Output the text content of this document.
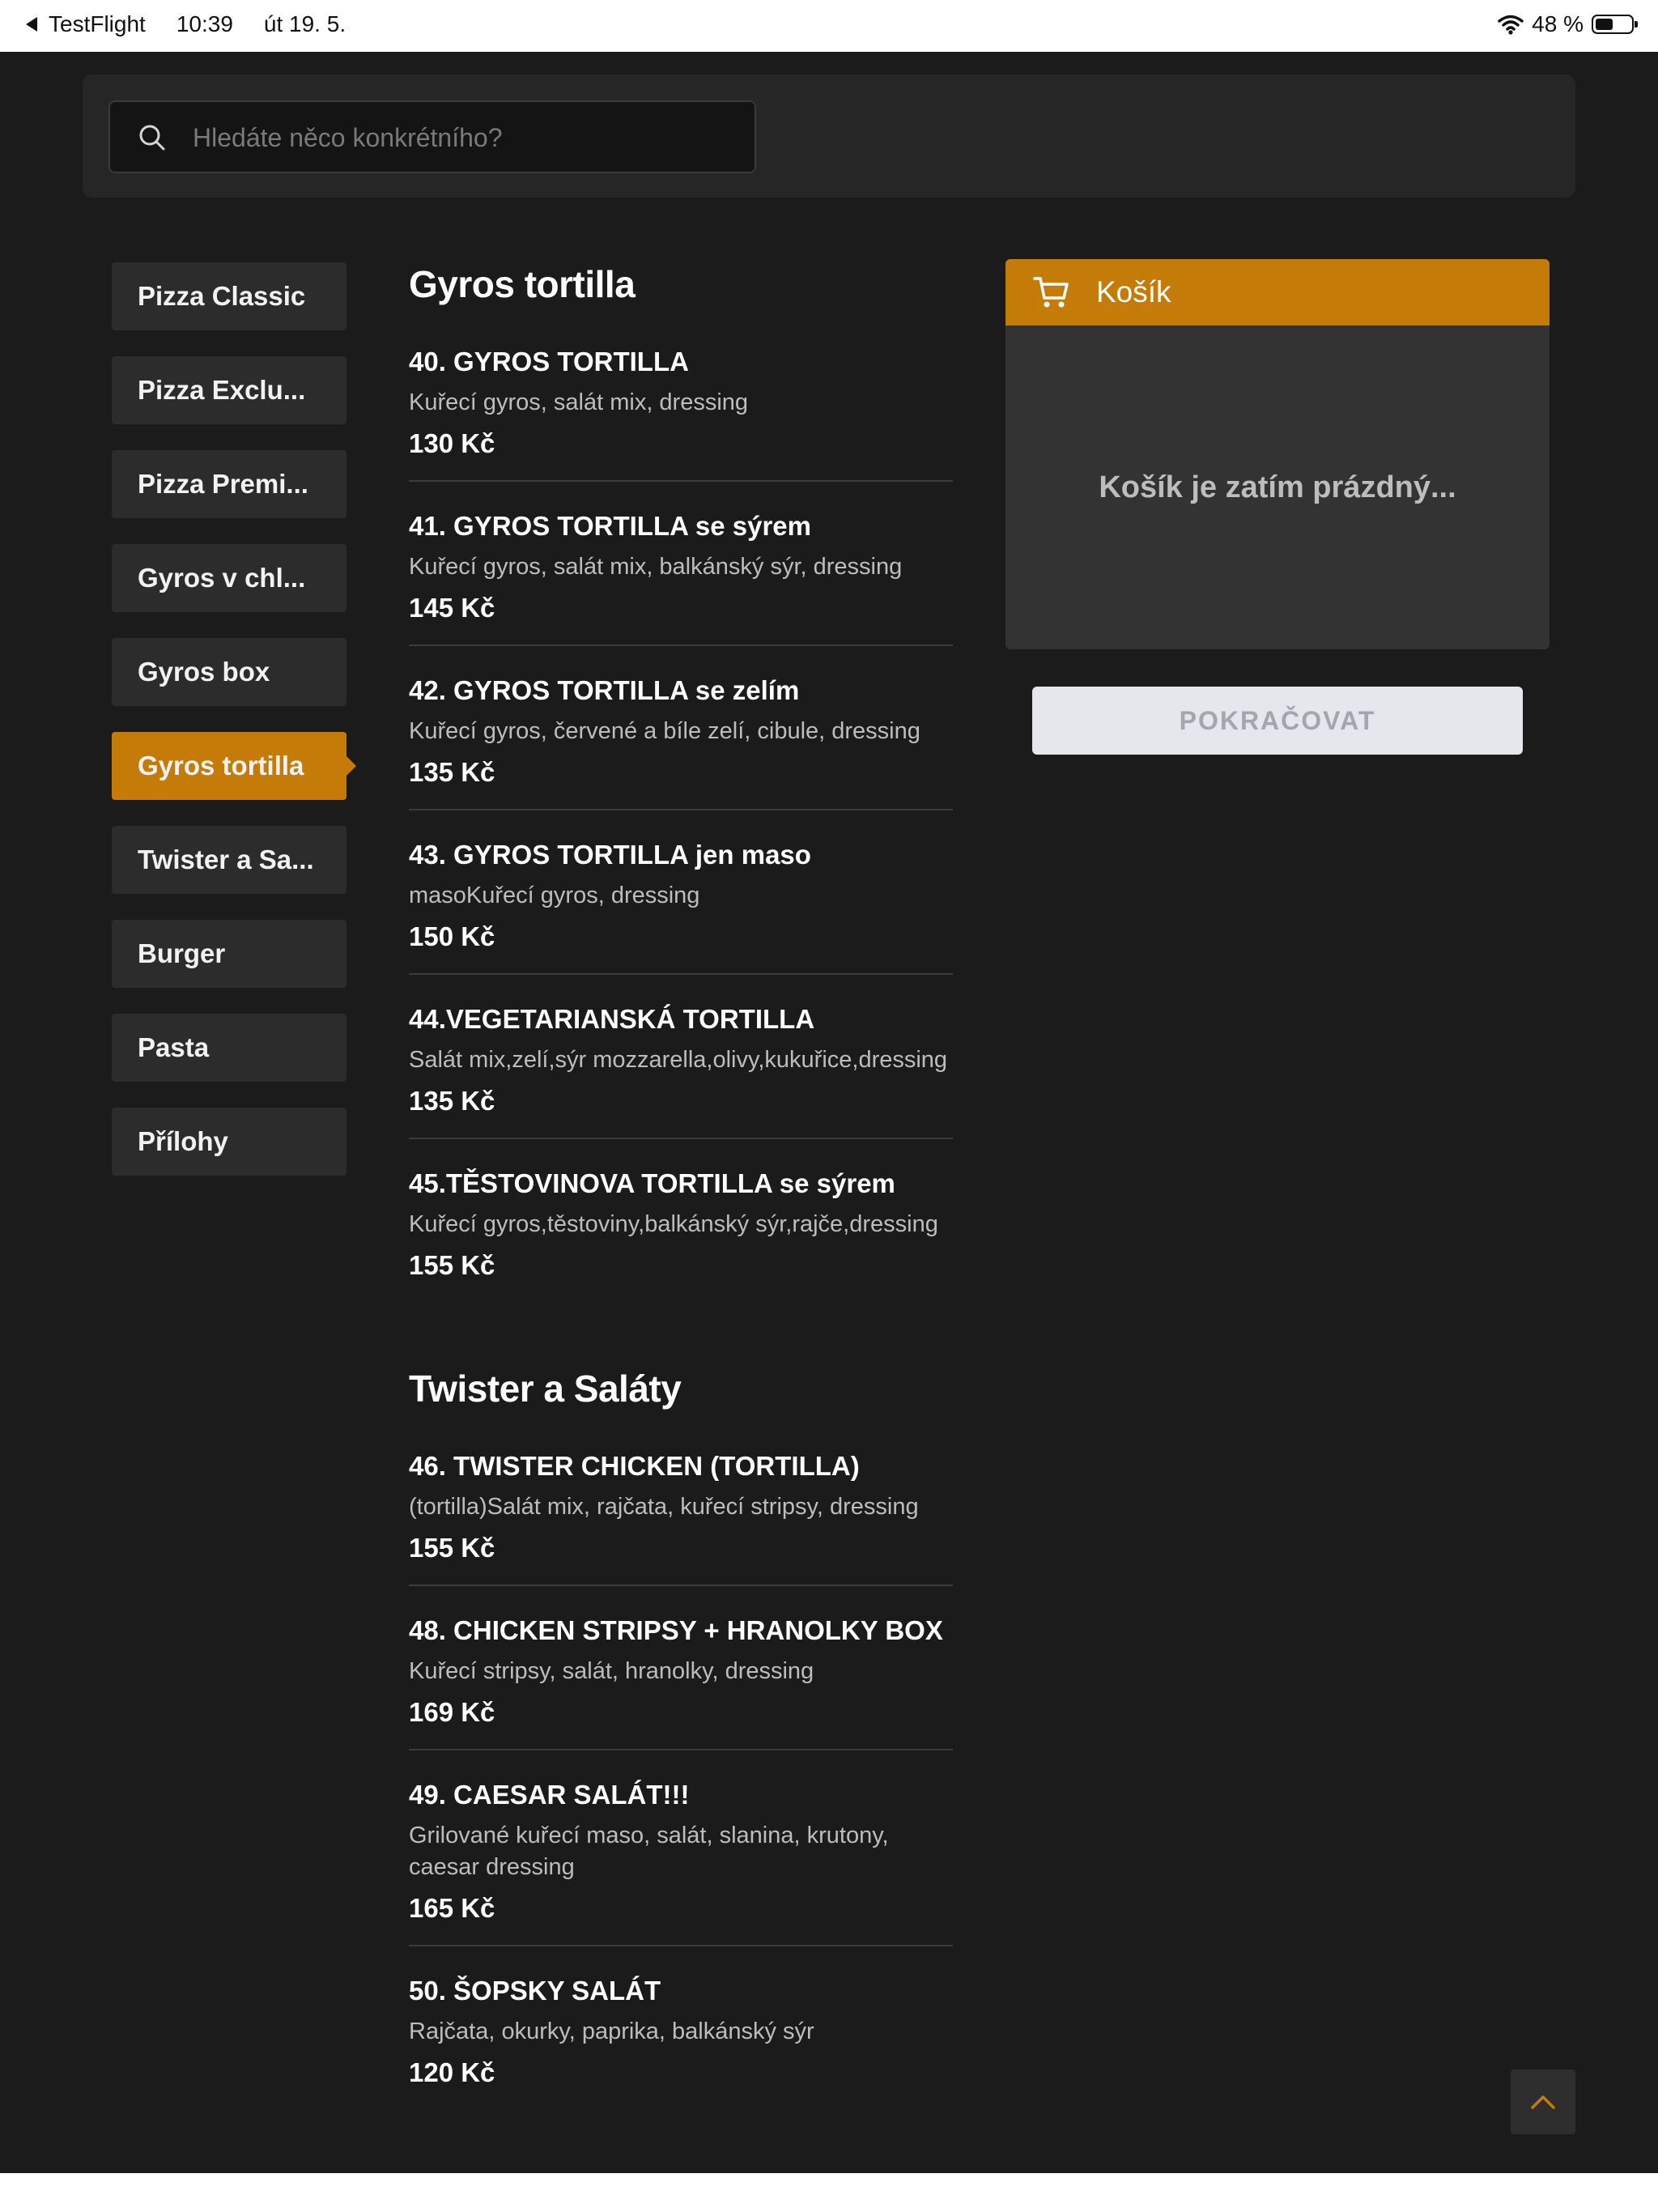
TestFlight 10:39 út 19. 5.	48 %
Hledáte něco konkrétního?
Pizza Classic
Pizza Exclu...
Pizza Premi...
Gyros v chl...
Gyros box
Gyros tortilla
Twister a Sa...
Burger
Pasta
Přílohy
Gyros tortilla
40. GYROS TORTILLA
Kuřecí gyros, salát mix, dressing
130 Kč
41. GYROS TORTILLA se sýrem
Kuřecí gyros, salát mix, balkánský sýr, dressing
145 Kč
42. GYROS TORTILLA se zelím
Kuřecí gyros, červené a bíle zelí, cibule, dressing
135 Kč
43. GYROS TORTILLA jen maso
masoKuřecí gyros, dressing
150 Kč
44.VEGETARIANSKÁ TORTILLA
Salát mix,zelí,sýr mozzarella,olivy,kukuřice,dressing
135 Kč
45.TĚSTOVINOVA TORTILLA se sýrem
Kuřecí gyros,těstoviny,balkánský sýr,rajče,dressing
155 Kč
Twister a Saláty
46. TWISTER CHICKEN (TORTILLA)
(tortilla)Salát mix, rajčata, kuřecí stripsy, dressing
155 Kč
48. CHICKEN STRIPSY + HRANOLKY BOX
Kuřecí stripsy, salát, hranolky, dressing
169 Kč
49. CAESAR SALÁT!!!
Grilované kuřecí maso, salát, slanina, krutony, caesar dressing
165 Kč
50. ŠOPSKY SALÁT
Rajčata, okurky, paprika, balkánský sýr
120 Kč
Košík
Košík je zatím prázdný...
POKRAČOVAT
